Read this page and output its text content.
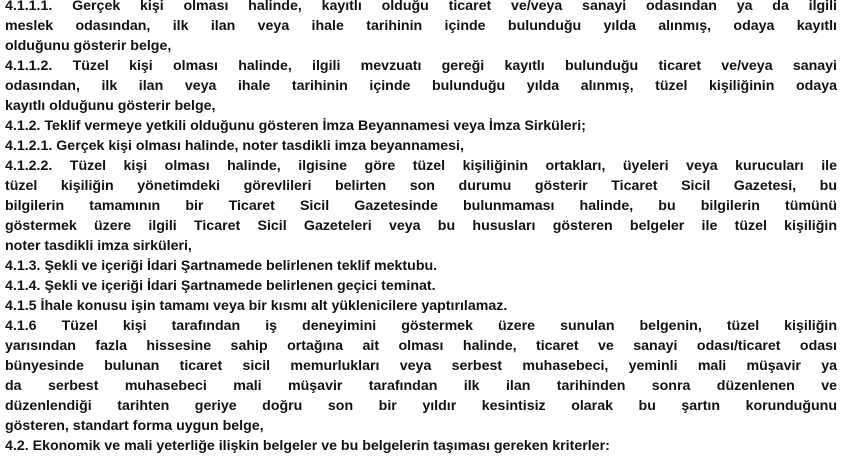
4.1.1.1. Gerçek kişi olması halinde, kayıtlı olduğu ticaret ve/veya sanayi odasından ya da ilgili
meslek odasından, ilk ilan veya ihale tarihinin içinde bulunduğu yılda alınmış, odaya kayıtlı
olduğunu gösterir belge,
4.1.1.2. Tüzel kişi olması halinde, ilgili mevzuatı gereği kayıtlı bulunduğu ticaret ve/veya sanayi
odasından, ilk ilan veya ihale tarihinin içinde bulunduğu yılda alınmış, tüzel kişiliğinin odaya
kayıtlı olduğunu gösterir belge,
4.1.2. Teklif vermeye yetkili olduğunu gösteren İmza Beyannamesi veya İmza Sirküleri;
4.1.2.1. Gerçek kişi olması halinde, noter tasdikli imza beyannamesi,
4.1.2.2. Tüzel kişi olması halinde, ilgisine göre tüzel kişiliğinin ortakları, üyeleri veya kurucuları ile
tüzel kişiliğin yönetimdeki görevlileri belirten son durumu gösterir Ticaret Sicil Gazetesi, bu
bilgilerin tamamının bir Ticaret Sicil Gazetesinde bulunmaması halinde, bu bilgilerin tümünü
göstermek üzere ilgili Ticaret Sicil Gazeteleri veya bu hususları gösteren belgeler ile tüzel kişiliğin
noter tasdikli imza sirküleri,
4.1.3. Şekli ve içeriği İdari Şartnamede belirlenen teklif mektubu.
4.1.4. Şekli ve içeriği İdari Şartnamede belirlenen geçici teminat.
4.1.5 İhale konusu işin tamamı veya bir kısmı alt yüklenicilere yaptırılamaz.
4.1.6 Tüzel kişi tarafından iş deneyimini göstermek üzere sunulan belgenin, tüzel kişiliğin
yarısından fazla hissesine sahip ortağına ait olması halinde, ticaret ve sanayi odası/ticaret odası
bünyesinde bulunan ticaret sicil memurlukları veya serbest muhasebeci, yeminli mali müşavir ya
da serbest muhasebeci mali müşavir tarafından ilk ilan tarihinden sonra düzenlenen ve
düzenlendiği tarihten geriye doğru son bir yıldır kesintisiz olarak bu şartın korunduğunu
gösteren, standart forma uygun belge,
4.2. Ekonomik ve mali yeterliğe ilişkin belgeler ve bu belgelerin taşıması gereken kriterler:
